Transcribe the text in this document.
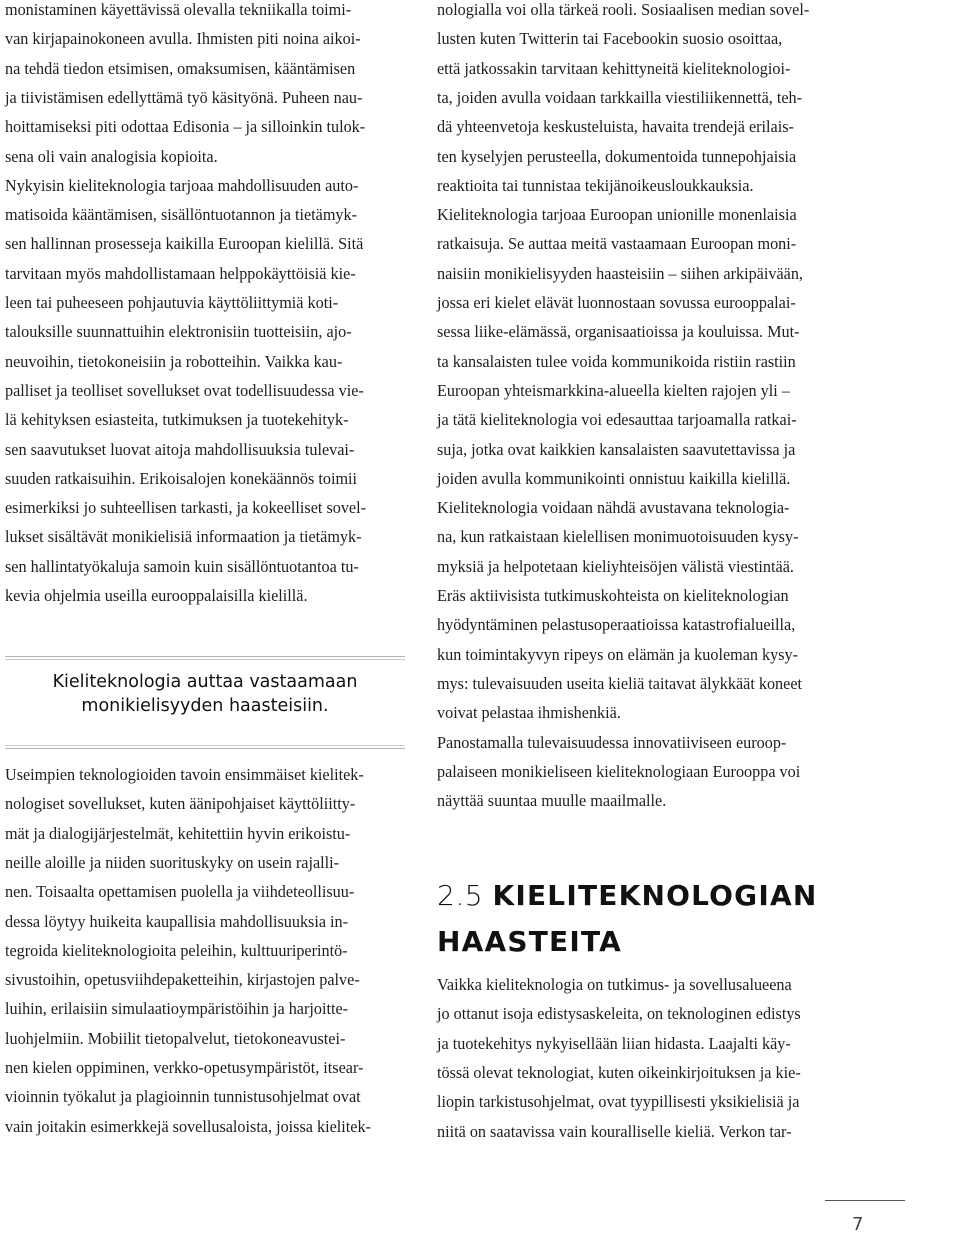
monistaminen käyettävissä olevalla tekniikalla toimi-
van kirjapainokoneen avulla. Ihmisten piti noina aikoi-
na tehdä tiedon etsimisen, omaksumisen, kääntämisen
ja tiivistämisen edellyttämä työ käsityönä. Puheen nau-
hoittamiseksi piti odottaa Edisonia – ja silloinkin tulok-
sena oli vain analogisia kopioita.
Nykyisin kieliteknologia tarjoaa mahdollisuuden auto-
matisoida kääntämisen, sisällöntuotannon ja tietämyk-
sen hallinnan prosesseja kaikilla Euroopan kielillä. Sitä
tarvitaan myös mahdollistamaan helppokäyttöisiä kie-
leen tai puheeseen pohjautuvia käyttöliittymiä koti-
talouksille suunnattuihin elektronisiin tuotteisiin, ajo-
neuvoihin, tietokoneisiin ja robotteihin. Vaikka kau-
palliset ja teolliset sovellukset ovat todellisuudessa vie-
lä kehityksen esiasteita, tutkimuksen ja tuotekehityk-
sen saavutukset luovat aitoja mahdollisuuksia tulevai-
suuden ratkaisuihin. Erikoisalojen konekäännös toimii
esimerkiksi jo suhteellisen tarkasti, ja kokeelliset sovel-
lukset sisältävät monikielisiä informaation ja tietämyk-
sen hallintatyökaluja samoin kuin sisällöntuotantoa tu-
kevia ohjelmia useilla eurooppalaisilla kielillä.
Kieliteknologia auttaa vastaamaan
monikielisyyden haasteisiin.
Useimpien teknologioiden tavoin ensimmäiset kielitek-
nologiset sovellukset, kuten äänipohjaiset käyttöliitty-
mät ja dialogijärjestelmät, kehitettiin hyvin erikoistu-
neille aloille ja niiden suorituskyky on usein rajalli-
nen. Toisaalta opettamisen puolella ja viihdeteollisuu-
dessa löytyy huikeita kaupallisia mahdollisuuksia in-
tegroida kieliteknologioita peleihin, kulttuuriperintö-
sivustoihin, opetusviihdepaketteihin, kirjastojen palve-
luihin, erilaisiin simulaatioympäristöihin ja harjoitte-
luohjelmiin. Mobiilit tietopalvelut, tietokoneavustei-
nen kielen oppiminen, verkko-opetusympäristöt, itsear-
vioinnin työkalut ja plagioinnin tunnistusohjelmat ovat
vain joitakin esimerkkejä sovellusaloista, joissa kielitek-
nologialla voi olla tärkeä rooli. Sosiaalisen median sovel-
lusten kuten Twitterin tai Facebookin suosio osoittaa,
että jatkossakin tarvitaan kehittyneitä kieliteknologioi-
ta, joiden avulla voidaan tarkkailla viestiliikennettä, teh-
dä yhteenvetoja keskusteluista, havaita trendejä erilais-
ten kyselyjen perusteella, dokumentoida tunnepohjaisia
reaktioita tai tunnistaa tekijänoikeusloukkauksia.
Kieliteknologia tarjoaa Euroopan unionille monenlaisia
ratkaisuja. Se auttaa meitä vastaamaan Euroopan moni-
naisiin monikielisyyden haasteisiin – siihen arkipäivään,
jossa eri kielet elävät luonnostaan sovussa eurooppalai-
sessa liike-elämässä, organisaatioissa ja kouluissa. Mut-
ta kansalaisten tulee voida kommunikoida ristiin rastiin
Euroopan yhteismarkkina-alueella kielten rajojen yli –
ja tätä kieliteknologia voi edesauttaa tarjoamalla ratkai-
suja, jotka ovat kaikkien kansalaisten saavutettavissa ja
joiden avulla kommunikointi onnistuu kaikilla kielillä.
Kieliteknologia voidaan nähdä avustavana teknologia-
na, kun ratkaistaan kielellisen monimuotoisuuden kysy-
myksiä ja helpotetaan kieliyhteisöjen välistä viestintää.
Eräs aktiivisista tutkimuskohteista on kieliteknologian
hyödyntäminen pelastusoperaatioissa katastrofialueilla,
kun toimintakyvyn ripeys on elämän ja kuoleman kysy-
mys: tulevaisuuden useita kieliä taitavat älykkäät koneet
voivat pelastaa ihmishenkiä.
Panostamalla tulevaisuudessa innovatiiviseen euroop-
palaiseen monikieliseen kieliteknologiaan Eurooppa voi
näyttää suuntaa muulle maailmalle.
2.5 KIELITEKNOLOGIAN
HAASTEITA
Vaikka kieliteknologia on tutkimus- ja sovellusalueena
jo ottanut isoja edistysaskeleita, on teknologinen edistys
ja tuotekehitys nykyisellään liian hidasta. Laajalti käy-
tössä olevat teknologiat, kuten oikeinkirjoituksen ja kie-
liopin tarkistusohjelmat, ovat tyypillisesti yksikielisiä ja
niitä on saatavissa vain kouralliselle kieliä. Verkon tar-
7
